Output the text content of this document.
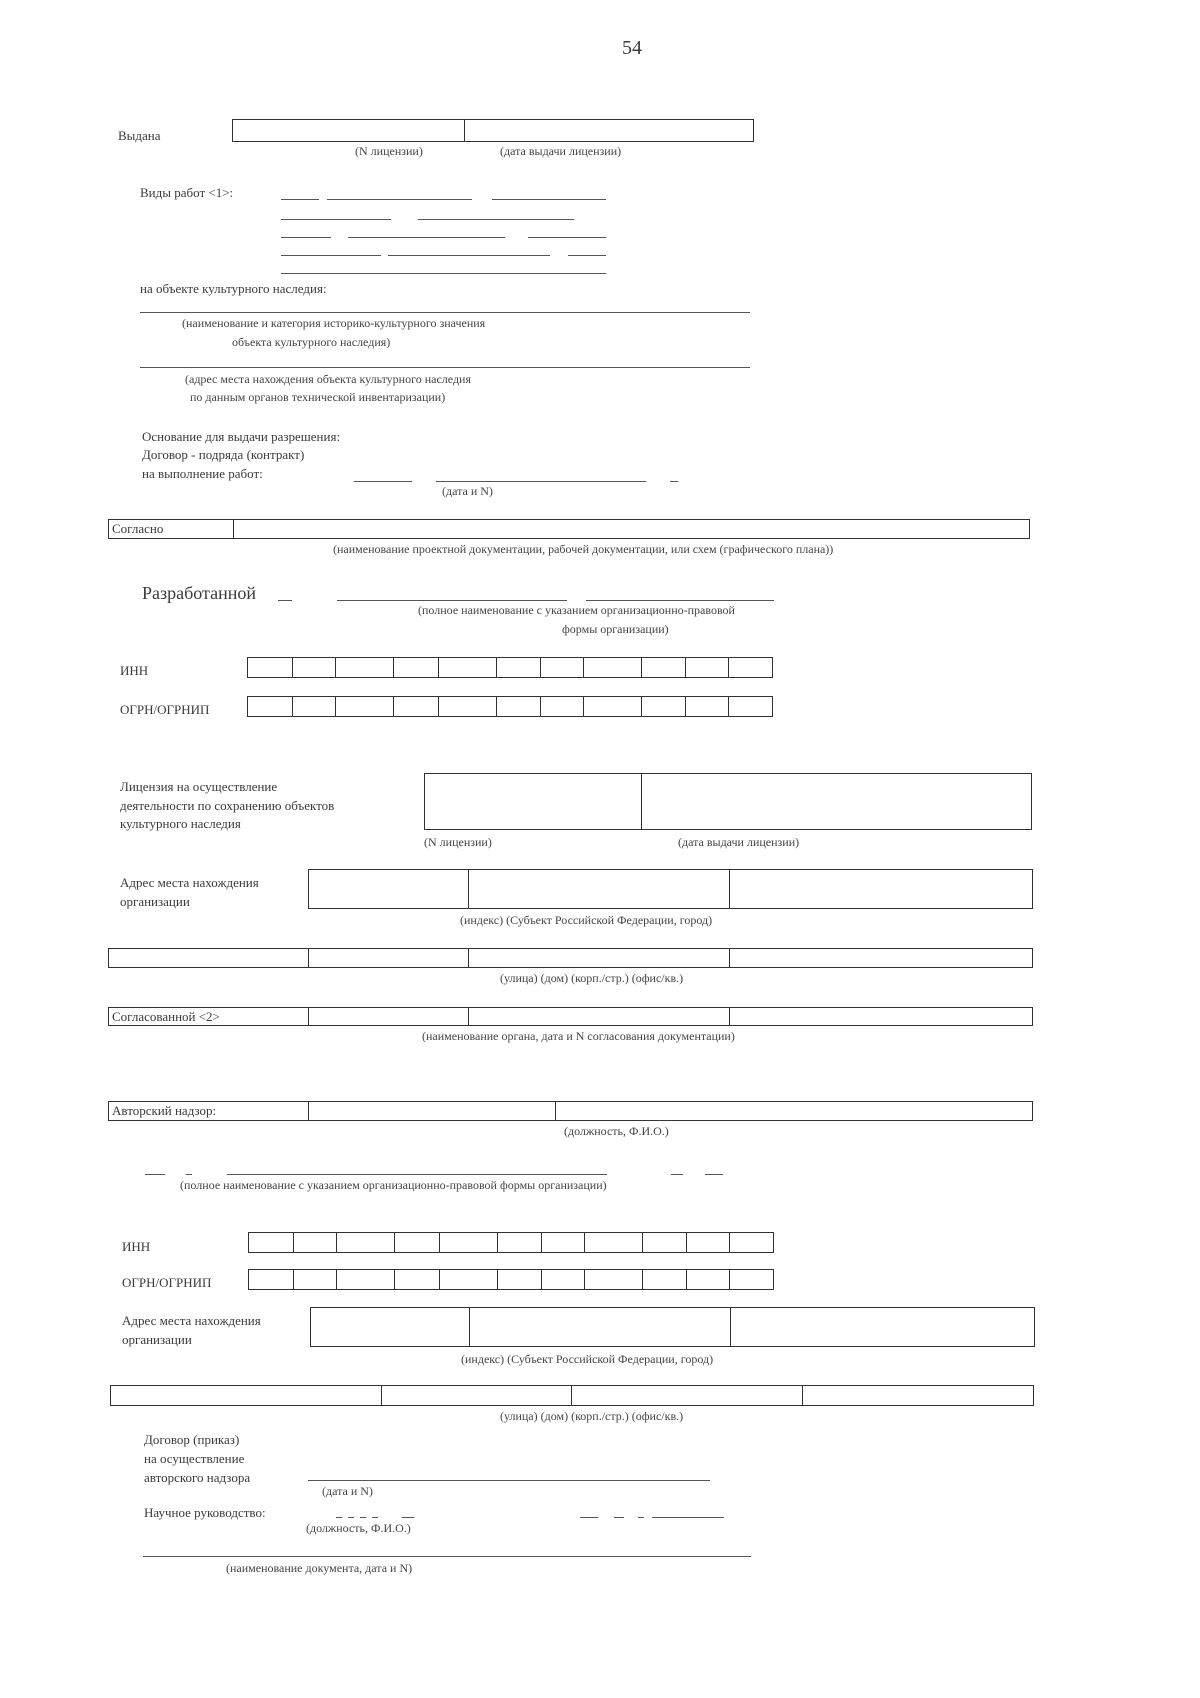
54
Выдана
(N лицензии)	(дата выдачи лицензии)
Виды работ <1>:
на объекте культурного наследия:
(наименование и категория историко-культурного значения
объекта культурного наследия)
(адрес места нахождения объекта культурного наследия
по данным органов технической инвентаризации)
Основание для выдачи разрешения:
Договор - подряда (контракт)
на выполнение работ:
(дата и N)
Согласно
(наименование проектной документации, рабочей документации, или схем (графического плана))
Разработанной
(полное наименование с указанием организационно-правовой
формы организации)
ИНН
ОГРН/ОГРНИП
Лицензия на осуществление
деятельности по сохранению объектов
культурного наследия
(N лицензии)	(дата выдачи лицензии)
Адрес места нахождения
организации
(индекс) (Субъект Российской Федерации, город)
(улица) (дом) (корп./стр.) (офис/кв.)
Согласованной <2>
(наименование органа, дата и N согласования документации)
Авторский надзор:
(должность, Ф.И.О.)
(полное наименование с указанием организационно-правовой формы организации)
ИНН
ОГРН/ОГРНИП
Адрес места нахождения
организации
(индекс) (Субъект Российской Федерации, город)
(улица) (дом) (корп./стр.) (офис/кв.)
Договор (приказ)
на осуществление
авторского надзора
(дата и N)
Научное руководство:
(должность, Ф.И.О.)
(наименование документа, дата и N)
